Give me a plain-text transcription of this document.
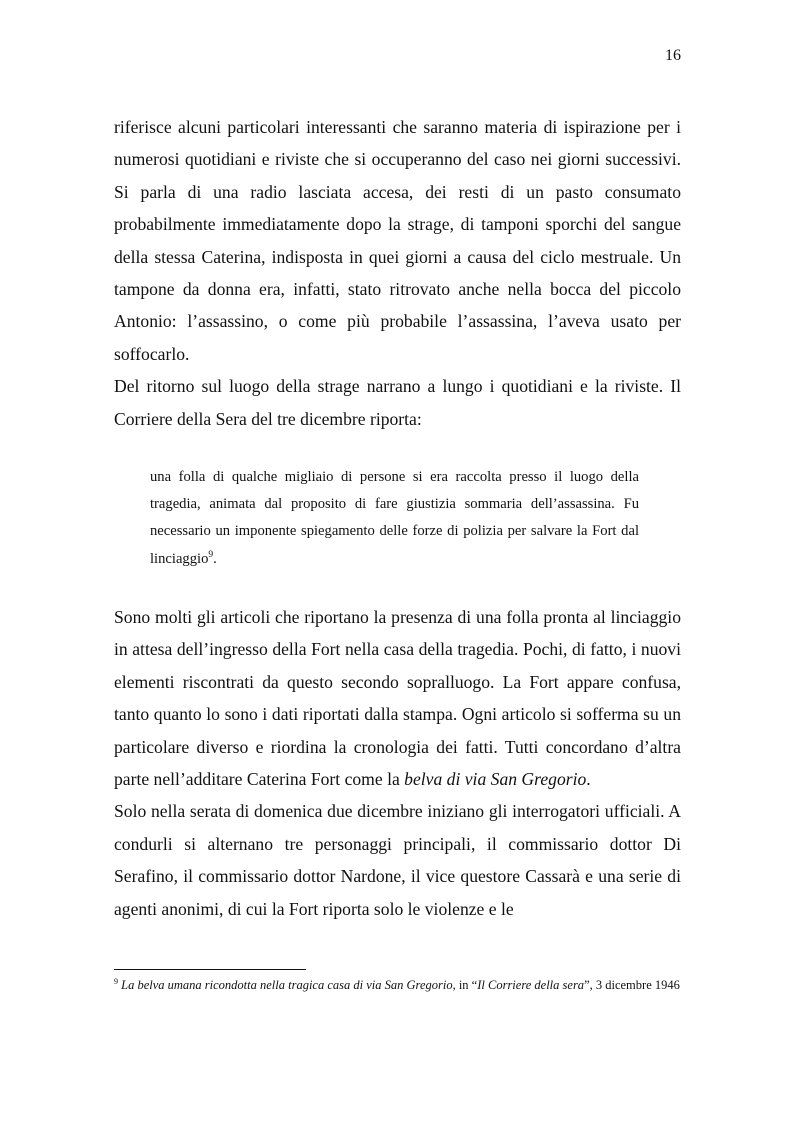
16

riferisce alcuni particolari interessanti che saranno materia di ispirazione per i numerosi quotidiani e riviste che si occuperanno del caso nei giorni successivi. Si parla di una radio lasciata accesa, dei resti di un pasto consumato probabilmente immediatamente dopo la strage, di tamponi sporchi del sangue della stessa Caterina, indisposta in quei giorni a causa del ciclo mestruale. Un tampone da donna era, infatti, stato ritrovato anche nella bocca del piccolo Antonio: l’assassino, o come più probabile l’assassina, l’aveva usato per soffocarlo.

Del ritorno sul luogo della strage narrano a lungo i quotidiani e la riviste. Il Corriere della Sera del tre dicembre riporta:

una folla di qualche migliaio di persone si era raccolta presso il luogo della tragedia, animata dal proposito di fare giustizia sommaria dell’assassina. Fu necessario un imponente spiegamento delle forze di polizia per salvare la Fort dal linciaggio$^9$.

Sono molti gli articoli che riportano la presenza di una folla pronta al linciaggio in attesa dell’ingresso della Fort nella casa della tragedia. Pochi, di fatto, i nuovi elementi riscontrati da questo secondo sopralluogo. La Fort appare confusa, tanto quanto lo sono i dati riportati dalla stampa. Ogni articolo si sofferma su un particolare diverso e riordina la cronologia dei fatti. Tutti concordano d’altra parte nell’additare Caterina Fort come la belva di via San Gregorio.

Solo nella serata di domenica due dicembre iniziano gli interrogatori ufficiali. A condurli si alternano tre personaggi principali, il commissario dottor Di Serafino, il commissario dottor Nardone, il vice questore Cassarà e una serie di agenti anonimi, di cui la Fort riporta solo le violenze e le

$^9$ La belva umana ricondotta nella tragica casa di via San Gregorio, in “Il Corriere della sera”, 3 dicembre 1946
